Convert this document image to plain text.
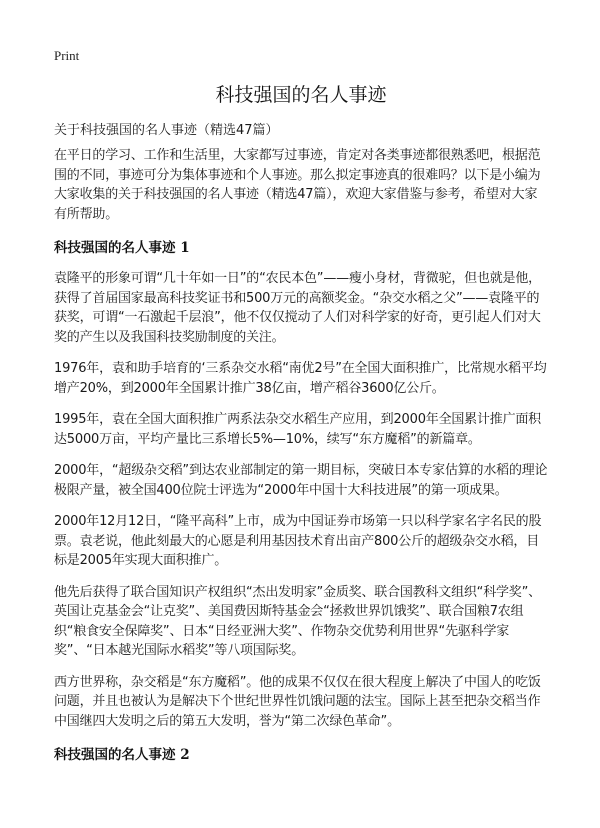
Print
科技强国的名人事迹
关于科技强国的名人事迹（精选47篇）

在平日的学习、工作和生活里，大家都写过事迹，肯定对各类事迹都很熟悉吧，根据范围的不同，事迹可分为集体事迹和个人事迹。那么拟定事迹真的很难吗？以下是小编为大家收集的关于科技强国的名人事迹（精选47篇），欢迎大家借鉴与参考，希望对大家有所帮助。

科技强国的名人事迹 1

袁隆平的形象可谓“几十年如一日”的“农民本色”——瘦小身材，背微驼，但也就是他，获得了首届国家最高科技奖证书和500万元的高额奖金。“杂交水稻之父”——袁隆平的获奖，可谓“一石激起千层浪”，他不仅仅搅动了人们对科学家的好奇，更引起人们对大奖的产生以及我国科技奖励制度的关注。

1976年，袁和助手培育的‘三系杂交水稻“南优2号”在全国大面积推广，比常规水稻平均增产20%，到2000年全国累计推广38亿亩，增产稻谷3600亿公斤。

1995年，袁在全国大面积推广两系法杂交水稻生产应用，到2000年全国累计推广面积达5000万亩，平均产量比三系增长5%—10%，续写“东方魔稻”的新篇章。

2000年，“超级杂交稻”到达农业部制定的第一期目标，突破日本专家估算的水稻的理论极限产量，被全国400位院士评选为“2000年中国十大科技进展”的第一项成果。

2000年12月12日，“隆平高科”上市，成为中国证券市场第一只以科学家名字名民的股票。袁老说，他此刻最大的心愿是利用基因技术育出亩产800公斤的超级杂交水稻，目标是2005年实现大面积推广。

他先后获得了联合国知识产权组织“杰出发明家”金质奖、联合国教科文组织“科学奖”、英国让克基金会“让克奖”、美国费因斯特基金会“拯救世界饥饿奖”、联合国粮7农组织“粮食安全保障奖”、日本“日经亚洲大奖”、作物杂交优势利用世界“先驱科学家奖”、“日本越光国际水稻奖”等八项国际奖。

西方世界称，杂交稻是“东方魔稻”。他的成果不仅仅在很大程度上解决了中国人的吃饭问题，并且也被认为是解决下个世纪世界性饥饿问题的法宝。国际上甚至把杂交稻当作中国继四大发明之后的第五大发明，誉为“第二次绿色革命”。

科技强国的名人事迹 2
